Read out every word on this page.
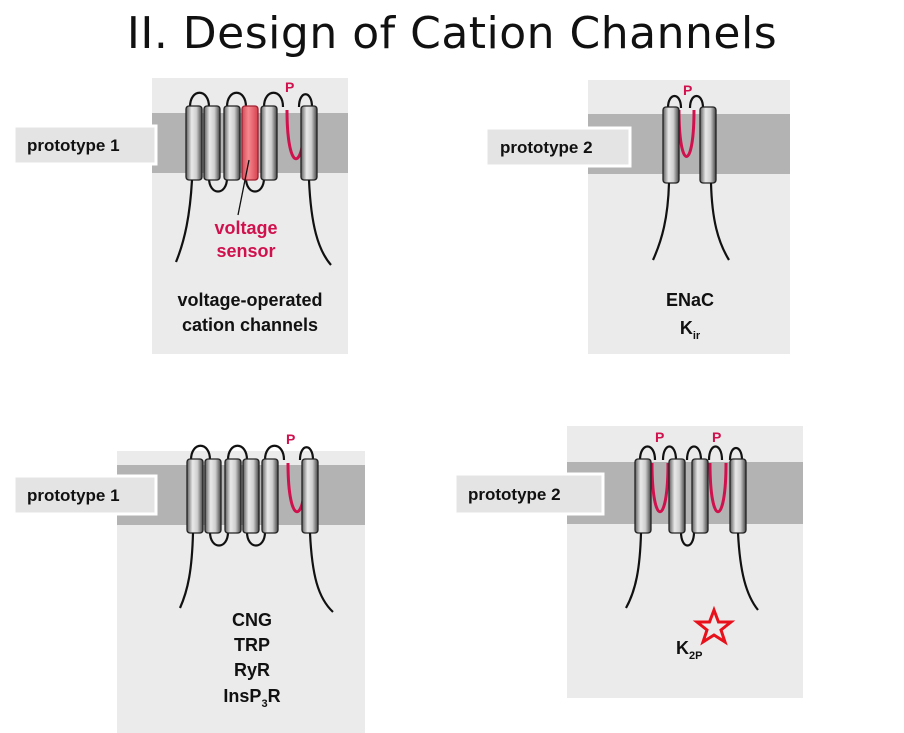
II. Design of Cation Channels
prototype 1
P
voltage
sensor
voltage-operated
cation channels
prototype 2
P
ENaC
$K_{ir}$
prototype 1
P
CNG
TRP
RyR
InsP$_3$R
prototype 2
P	P
$K_{2P}$
